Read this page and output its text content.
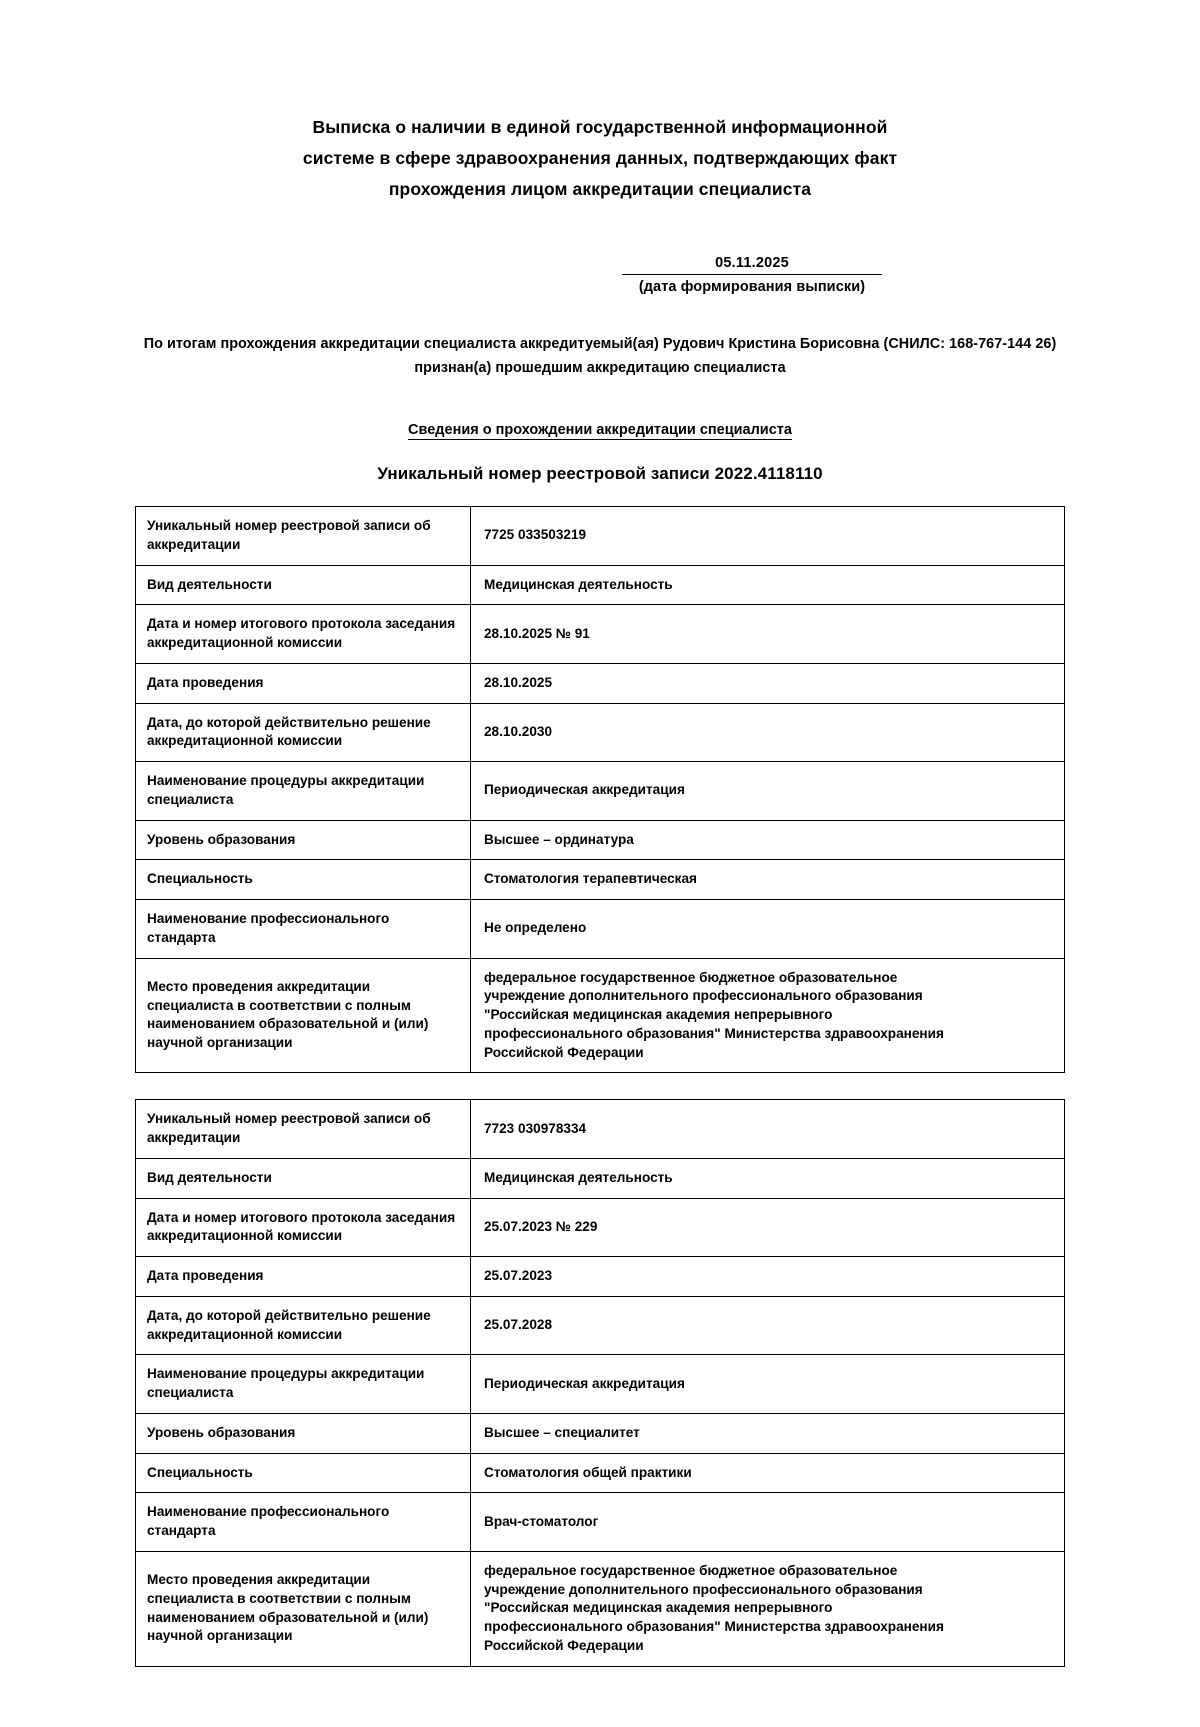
Выписка о наличии в единой государственной информационной
системе в сфере здравоохранения данных, подтверждающих факт
прохождения лицом аккредитации специалиста
05.11.2025
(дата формирования выписки)

По итогам прохождения аккредитации специалиста аккредитуемый(ая) Рудович Кристина Борисовна (СНИЛС: 168-767-144 26) признан(а) прошедшим аккредитацию специалиста

Сведения о прохождении аккредитации специалиста
Уникальный номер реестровой записи 2022.4118110
Уникальный номер реестровой записи об аккредитации	7725 033503219
Вид деятельности	Медицинская деятельность
Дата и номер итогового протокола заседания аккредитационной комиссии	28.10.2025 № 91
Дата проведения	28.10.2025
Дата, до которой действительно решение аккредитационной комиссии	28.10.2030
Наименование процедуры аккредитации специалиста	Периодическая аккредитация
Уровень образования	Высшее – ординатура
Специальность	Стоматология терапевтическая
Наименование профессионального стандарта	Не определено
Место проведения аккредитации специалиста в соответствии с полным наименованием образовательной и (или) научной организации	федеральное государственное бюджетное образовательное
учреждение дополнительного профессионального образования
"Российская медицинская академия непрерывного
профессионального образования" Министерства здравоохранения
Российской Федерации
Уникальный номер реестровой записи об аккредитации	7723 030978334
Вид деятельности	Медицинская деятельность
Дата и номер итогового протокола заседания аккредитационной комиссии	25.07.2023 № 229
Дата проведения	25.07.2023
Дата, до которой действительно решение аккредитационной комиссии	25.07.2028
Наименование процедуры аккредитации специалиста	Периодическая аккредитация
Уровень образования	Высшее – специалитет
Специальность	Стоматология общей практики
Наименование профессионального стандарта	Врач-стоматолог
Место проведения аккредитации специалиста в соответствии с полным наименованием образовательной и (или) научной организации	федеральное государственное бюджетное образовательное
учреждение дополнительного профессионального образования
"Российская медицинская академия непрерывного
профессионального образования" Министерства здравоохранения
Российской Федерации
